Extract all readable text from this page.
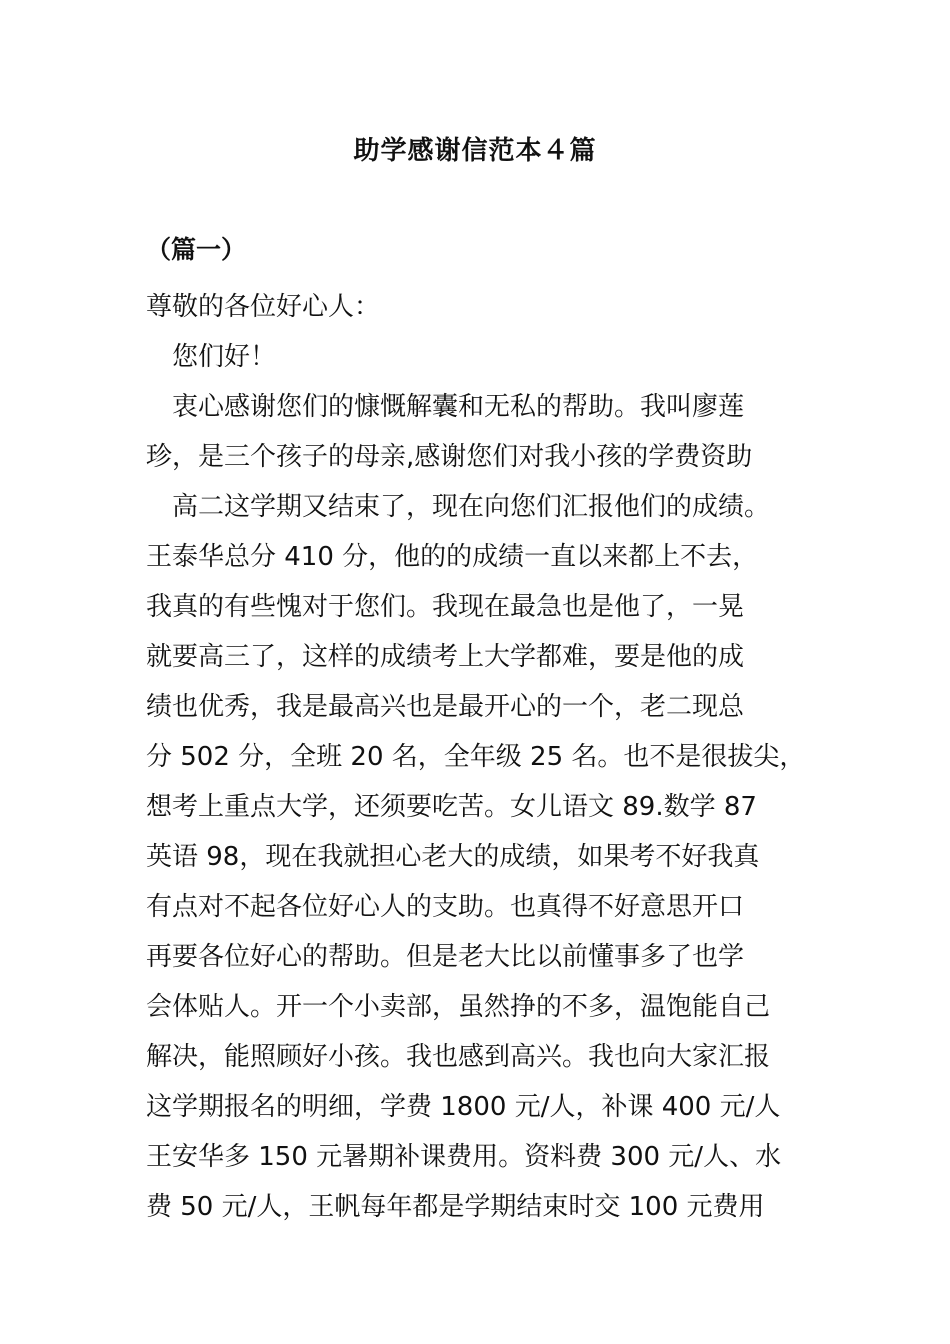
助学感谢信范本４篇
（篇一）
尊敬的各位好心人：
您们好！
衷心感谢您们的慷慨解囊和无私的帮助。我叫廖莲
珍，是三个孩子的母亲,感谢您们对我小孩的学费资助
高二这学期又结束了，现在向您们汇报他们的成绩。
王泰华总分 410 分，他的的成绩一直以来都上不去，
我真的有些愧对于您们。我现在最急也是他了，一晃
就要高三了，这样的成绩考上大学都难，要是他的成
绩也优秀，我是最高兴也是最开心的一个，老二现总
分 502 分，全班 20 名，全年级 25 名。也不是很拔尖，
想考上重点大学，还须要吃苦。女儿语文 89.数学 87
英语 98，现在我就担心老大的成绩，如果考不好我真
有点对不起各位好心人的支助。也真得不好意思开口
再要各位好心的帮助。但是老大比以前懂事多了也学
会体贴人。开一个小卖部，虽然挣的不多，温饱能自己
解决，能照顾好小孩。我也感到高兴。我也向大家汇报
这学期报名的明细，学费 1800 元/人，补课 400 元/人
王安华多 150 元暑期补课费用。资料费 300 元/人、水
费 50 元/人，王帆每年都是学期结束时交 100 元费用
